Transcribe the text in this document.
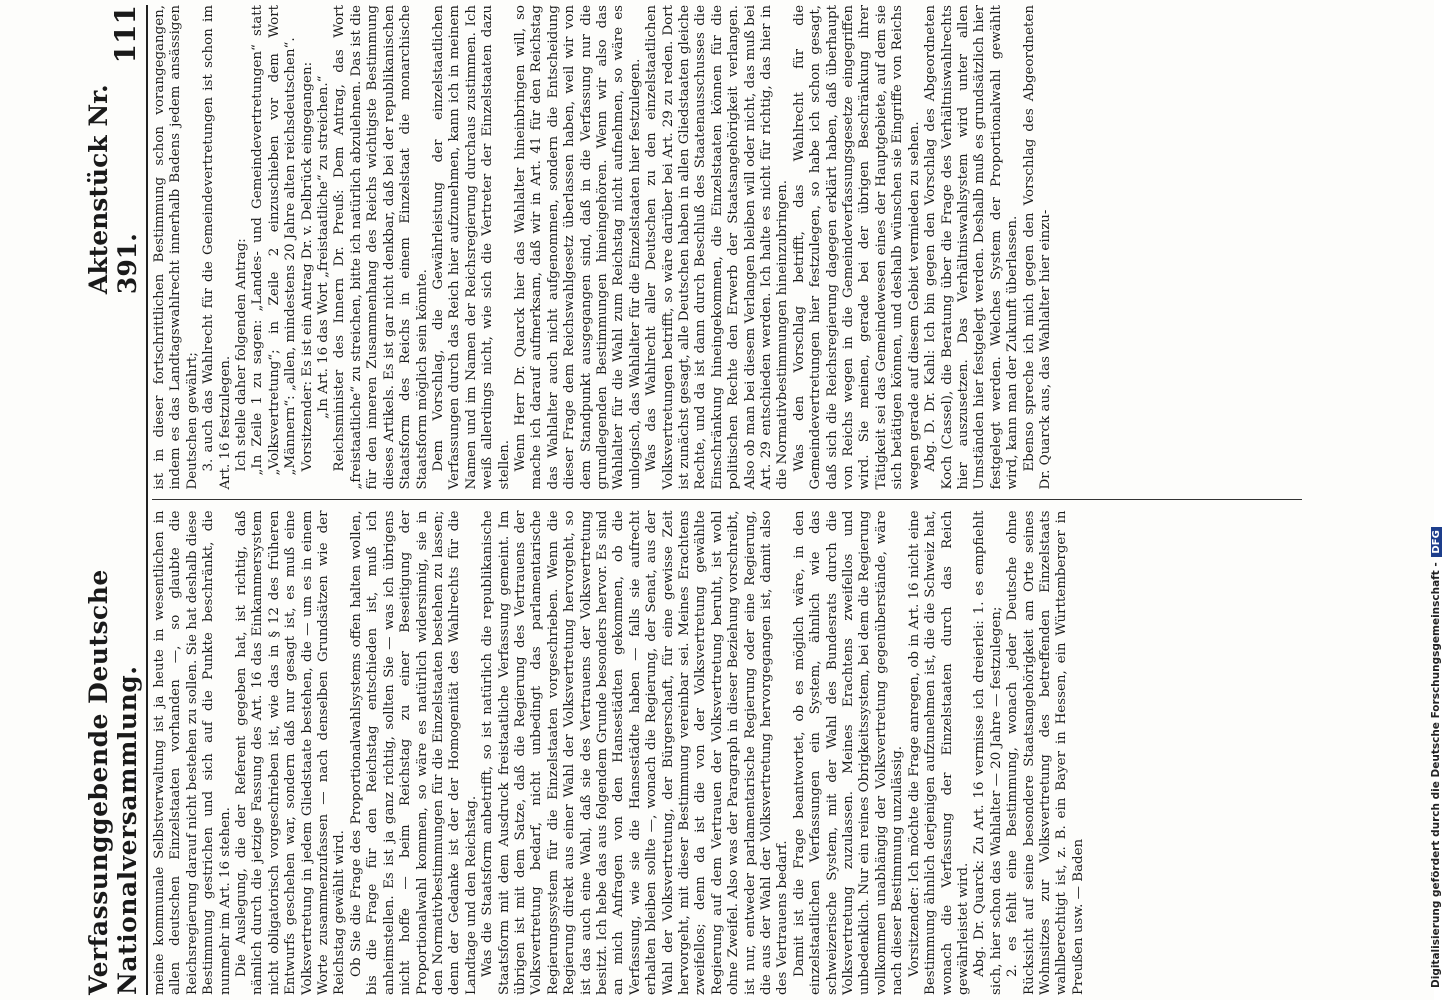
Verfassunggebende Deutsche Nationalversammlung.
Aktenstück Nr. 391.
111

meine kommunale Selbstverwaltung ist ja heute in wesentlichen in allen deutschen Einzelstaaten vorhanden —, so glaubte die Reichsregierung darauf nicht bestehen zu sollen. Sie hat deshalb diese Bestimmung gestrichen und sich auf die Punkte beschränkt, die nunmehr im Art. 16 stehen. Die Auslegung, die der Referent gegeben hat, ist richtig, daß nämlich durch die jetzige Fassung des Art. 16 das Einkammersystem nicht obligatorisch vorgeschrieben ist, wie das in § 12 des früheren Entwurfs geschehen war, sondern daß nur gesagt ist, es muß eine Volksvertretung in jedem Gliedstaate bestehen, die — um es in einem Worte zusammenzufassen — nach denselben Grundsätzen wie der Reichstag gewählt wird. Ob Sie die Frage des Proportionalwahlsystems offen halten wollen, bis die Frage für den Reichstag entschieden ist, muß ich anheimstellen. Es ist ja ganz richtig, sollten Sie — was ich übrigens nicht hoffe — beim Reichstag zu einer Beseitigung der Proportionalwahl kommen, so wäre es natürlich widersinnig, sie in den Normativbestimmungen für die Einzelstaaten bestehen zu lassen; denn der Gedanke ist der der Homogenität des Wahlrechts für die Landtage und den Reichstag. Was die Staatsform anbetrifft, so ist natürlich die republikanische Staatsform mit dem Ausdruck freistaatliche Verfassung gemeint. Im übrigen ist mit dem Satze, daß die Regierung des Vertrauens der Volksvertretung bedarf, nicht unbedingt das parlamentarische Regierungssystem für die Einzelstaaten vorgeschrieben. Wenn die Regierung direkt aus einer Wahl der Volksvertretung hervorgeht, so ist das auch eine Wahl, daß sie des Vertrauens der Volksvertretung besitzt. Ich hebe das aus folgendem Grunde besonders hervor. Es sind an mich Anfragen von den Hansestädten gekommen, ob die Verfassung, wie sie die Hansestädte haben — falls sie aufrecht erhalten bleiben sollte —, wonach die Regierung, der Senat, aus der Wahl der Volksvertretung, der Bürgerschaft, für eine gewisse Zeit hervorgeht, mit dieser Bestimmung vereinbar sei. Meines Erachtens zweifellos; denn da ist die von der Volksvertretung gewählte Regierung auf dem Vertrauen der Volksvertretung beruht, ist wohl ohne Zweifel. Also was der Paragraph in dieser Beziehung vorschreibt, ist nur, entweder parlamentarische Regierung oder eine Regierung, die aus der Wahl der Volksvertretung hervorgegangen ist, damit also des Vertrauens bedarf. Damit ist die Frage beantwortet, ob es möglich wäre, in den einzelstaatlichen Verfassungen ein System, ähnlich wie das schweizerische System, mit der Wahl des Bundesrats durch die Volksvertretung zuzulassen. Meines Erachtens zweifellos und unbedenklich. Nur ein reines Obrigkeitssystem, bei dem die Regierung vollkommen unabhängig der Volksvertretung gegenüberstände, wäre nach dieser Bestimmung unzulässig. Vorsitzender: Ich möchte die Frage anregen, ob in Art. 16 nicht eine Bestimmung ähnlich derjenigen aufzunehmen ist, die die Schweiz hat, wonach die Verfassung der Einzelstaaten durch das Reich gewährleistet wird. Abg. Dr. Quarck: Zu Art. 16 vermisse ich dreierlei: 1. es empfiehlt sich, hier schon das Wahlalter — 20 Jahre — festzulegen; 2. es fehlt eine Bestimmung, wonach jeder Deutsche ohne Rücksicht auf seine besondere Staatsangehörigkeit am Orte seines Wohnsitzes zur Volksvertretung des betreffenden Einzelstaats wahlberechtigt ist, z. B. ein Bayer in Hessen, ein Württemberger in Preußen usw. — Baden

ist in dieser fortschrittlichen Bestimmung schon vorangegangen, indem es das Landtagswahlrecht innerhalb Badens jedem ansässigen Deutschen gewährt; 3. auch das Wahlrecht für die Gemeindevertretungen ist schon im Art. 16 festzulegen. Ich stelle daher folgenden Antrag: „In Zeile 1 zu sagen: „Landes- und Gemeindevertretungen“ statt „Volksvertretung“; in Zeile 2 einzuschieben vor dem Wort „Männern“: „allen, mindestens 20 Jahre alten reichsdeutschen“. Vorsitzender: Es ist ein Antrag Dr. v. Delbrück eingegangen: „In Art. 16 das Wort „freistaatliche“ zu streichen.“ Reichsminister des Innern Dr. Preuß: Dem Antrag, das Wort „freistaatliche“ zu streichen, bitte ich natürlich abzulehnen. Das ist die für den inneren Zusammenhang des Reichs wichtigste Bestimmung dieses Artikels. Es ist gar nicht denkbar, daß bei der republikanischen Staatsform des Reichs in einem Einzelstaat die monarchische Staatsform möglich sein könnte. Dem Vorschlag, die Gewährleistung der einzelstaatlichen Verfassungen durch das Reich hier aufzunehmen, kann ich in meinem Namen und im Namen der Reichsregierung durchaus zustimmen. Ich weiß allerdings nicht, wie sich die Vertreter der Einzelstaaten dazu stellen. Wenn Herr Dr. Quarck hier das Wahlalter hineinbringen will, so mache ich darauf aufmerksam, daß wir in Art. 41 für den Reichstag das Wahlalter auch nicht aufgenommen, sondern die Entscheidung dieser Frage dem Reichswahlgesetz überlassen haben, weil wir von dem Standpunkt ausgegangen sind, daß in die Verfassung nur die grundlegenden Bestimmungen hineingehören. Wenn wir also das Wahlalter für die Wahl zum Reichstag nicht aufnehmen, so wäre es unlogisch, das Wahlalter für die Einzelstaaten hier festzulegen. Was das Wahlrecht aller Deutschen zu den einzelstaatlichen Volksvertretungen betrifft, so wäre darüber bei Art. 29 zu reden. Dort ist zunächst gesagt, alle Deutschen haben in allen Gliedstaaten gleiche Rechte, und da ist dann durch Beschluß des Staatenausschusses die Einschränkung hineingekommen, die Einzelstaaten können für die politischen Rechte den Erwerb der Staatsangehörigkeit verlangen. Also ob man bei diesem Verlangen bleiben will oder nicht, das muß bei Art. 29 entschieden werden. Ich halte es nicht für richtig, das hier in die Normativbestimmungen hineinzubringen. Was den Vorschlag betrifft, das Wahlrecht für die Gemeindevertretungen hier festzulegen, so habe ich schon gesagt, daß sich die Reichsregierung dagegen erklärt haben, daß überhaupt von Reichs wegen in die Gemeindeverfassungsgesetze eingegriffen wird. Sie meinen, gerade bei der übrigen Beschränkung ihrer Tätigkeit sei das Gemeindewesen eines der Hauptgebiete, auf dem sie sich betätigen können, und deshalb wünschen sie Eingriffe von Reichs wegen gerade auf diesem Gebiet vermieden zu sehen. Abg. D. Dr. Kahl: Ich bin gegen den Vorschlag des Abgeordneten Koch (Cassel), die Beratung über die Frage des Verhältniswahlrechts hier auszusetzen. Das Verhältniswahlsystem wird unter allen Umständen hier festgelegt werden. Deshalb muß es grundsätzlich hier festgelegt werden. Welches System der Proportionalwahl gewählt wird, kann man der Zukunft überlassen. Ebenso spreche ich mich gegen den Vorschlag des Abgeordneten Dr. Quarck aus, das Wahlalter hier einzu-

Digitalisierung gefördert durch die Deutsche Forschungsgemeinschaft - DFG
